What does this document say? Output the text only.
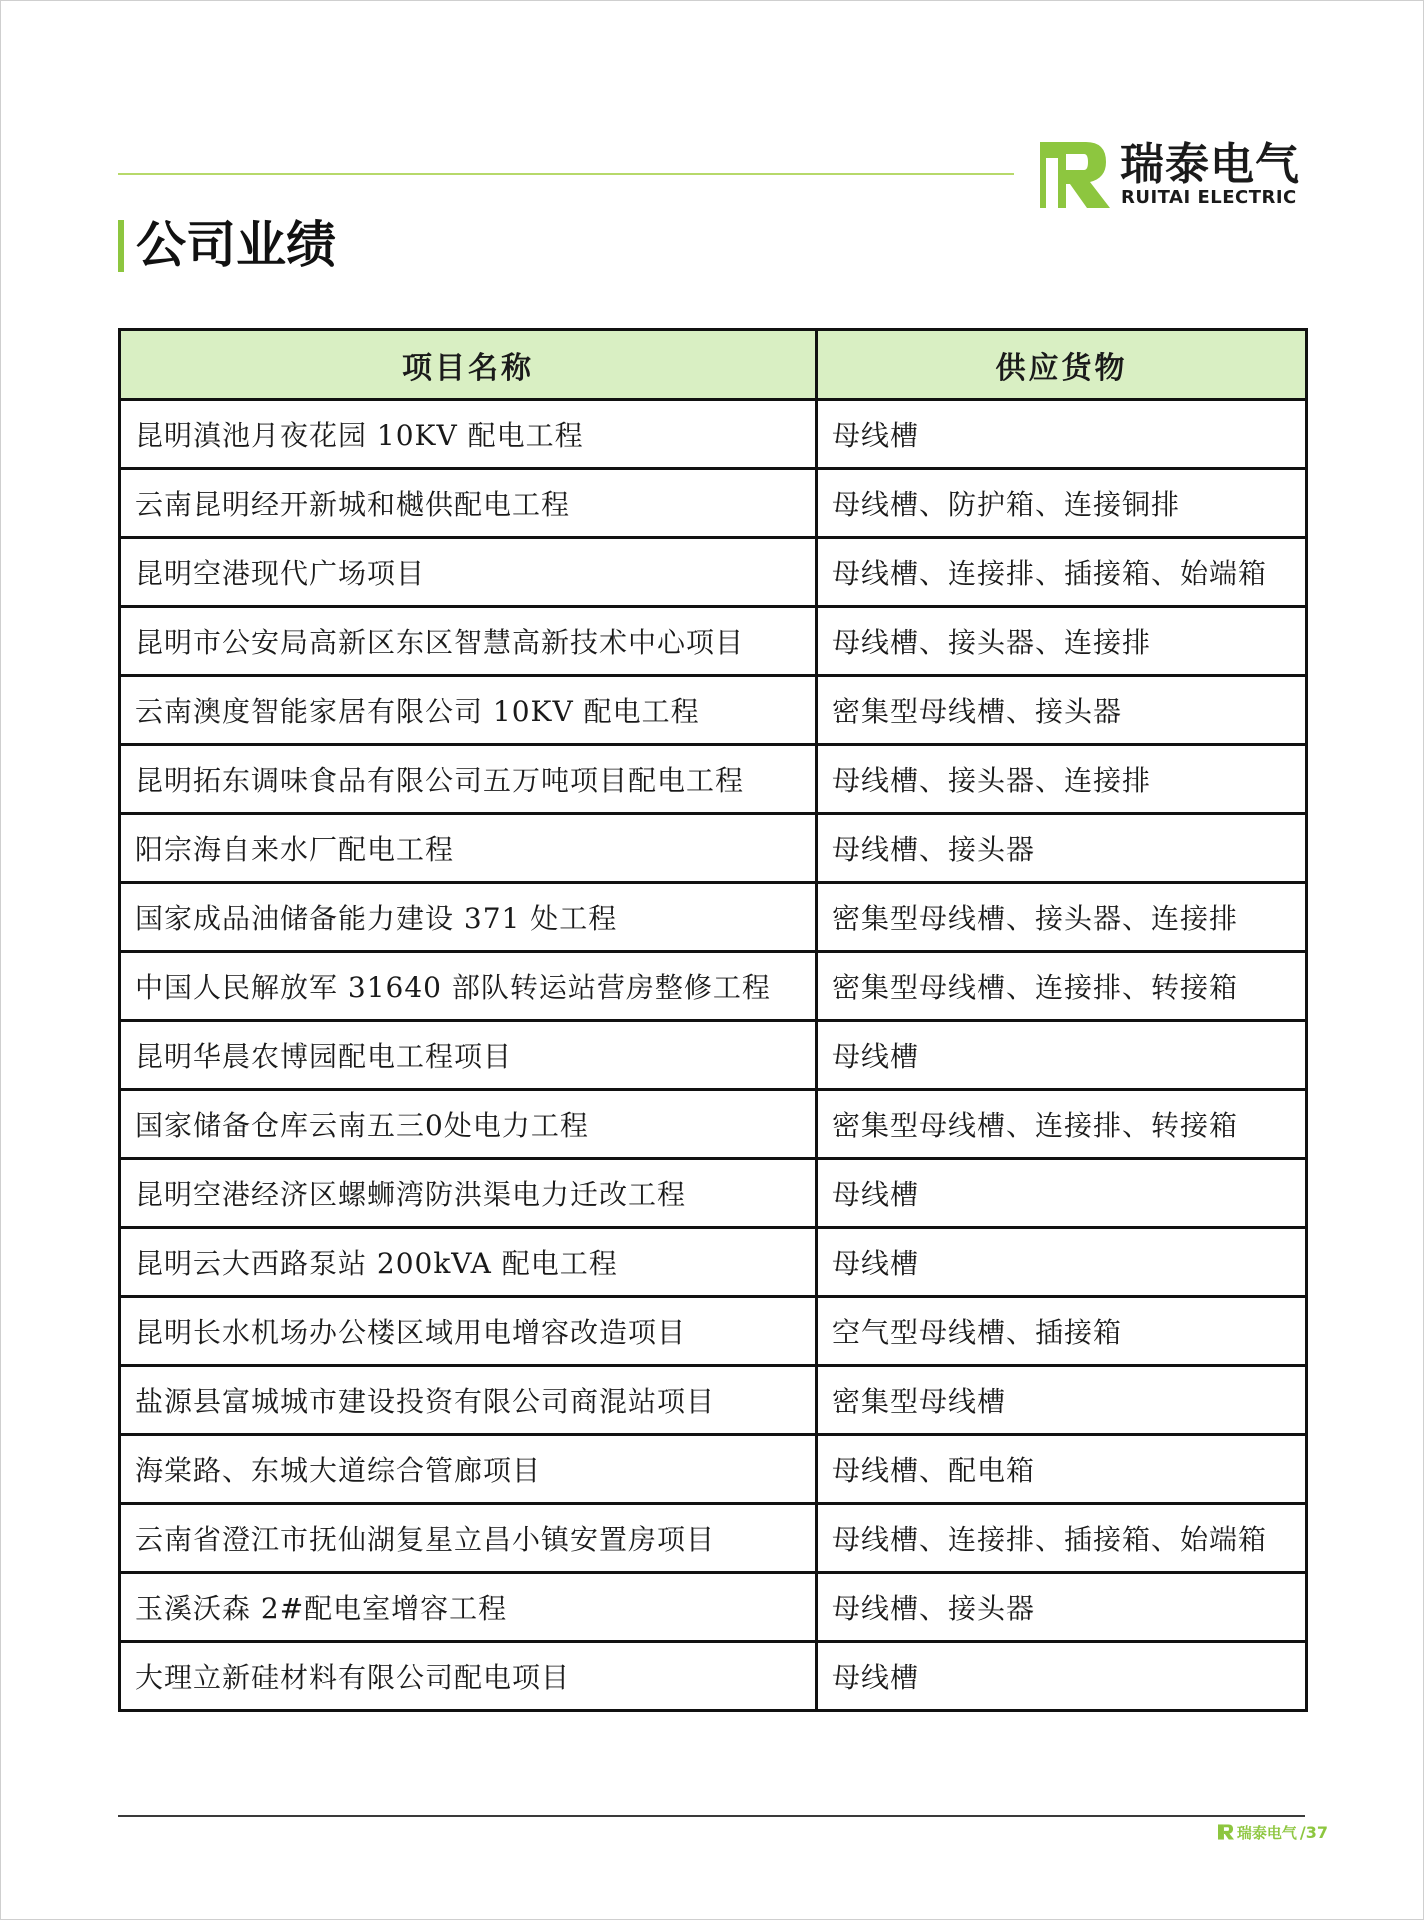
瑞泰电气
RUITAI ELECTRIC
公司业绩
项目名称	供应货物
昆明滇池月夜花园 10KV 配电工程	母线槽
云南昆明经开新城和樾供配电工程	母线槽、防护箱、连接铜排
昆明空港现代广场项目	母线槽、连接排、插接箱、始端箱
昆明市公安局高新区东区智慧高新技术中心项目	母线槽、接头器、连接排
云南澳度智能家居有限公司 10KV 配电工程	密集型母线槽、接头器
昆明拓东调味食品有限公司五万吨项目配电工程	母线槽、接头器、连接排
阳宗海自来水厂配电工程	母线槽、接头器
国家成品油储备能力建设 371 处工程	密集型母线槽、接头器、连接排
中国人民解放军 31640 部队转运站营房整修工程	密集型母线槽、连接排、转接箱
昆明华晨农博园配电工程项目	母线槽
国家储备仓库云南五三0处电力工程	密集型母线槽、连接排、转接箱
昆明空港经济区螺蛳湾防洪渠电力迁改工程	母线槽
昆明云大西路泵站 200kVA 配电工程	母线槽
昆明长水机场办公楼区域用电增容改造项目	空气型母线槽、插接箱
盐源县富城城市建设投资有限公司商混站项目	密集型母线槽
海棠路、东城大道综合管廊项目	母线槽、配电箱
云南省澄江市抚仙湖复星立昌小镇安置房项目	母线槽、连接排、插接箱、始端箱
玉溪沃森 2#配电室增容工程	母线槽、接头器
大理立新硅材料有限公司配电项目	母线槽
瑞泰电气 /37
